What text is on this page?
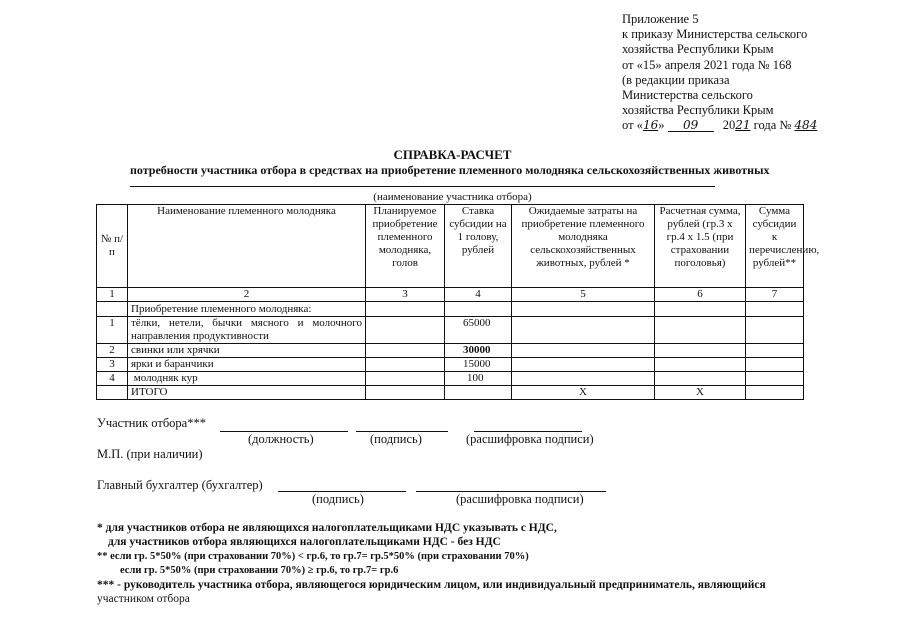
Приложение 5
к приказу Министерства сельского
хозяйства Республики Крым
от «15» апреля 2021 года № 168
(в редакции приказа
Министерства сельского
хозяйства Республики Крым
от «16» 09 2021 года № 484
СПРАВКА-РАСЧЕТ
потребности участника отбора в средствах на приобретение племенного молодняка сельскохозяйственных животных
(наименование участника отбора)
№ п/п	Наименование племенного молодняка	Планируемое приобретение племенного молодняка, голов	Ставка субсидии на 1 голову, рублей	Ожидаемые затраты на приобретение племенного молодняка сельскохозяйственных животных, рублей *	Расчетная сумма, рублей (гр.3 х гр.4 х 1.5 (при страховании поголовья)	Сумма субсидии к перечислению, рублей**
1	2	3	4	5	6	7
	Приобретение племенного молодняка:					
1	тёлки, нетели, бычки мясного и молочного направления продуктивности		65000			
2	свинки или хрячки		30000			
3	ярки и баранчики		15000			
4	молодняк кур		100			
	ИТОГО			Х	Х	
Участник отбора***
(должность)	(подпись)	(расшифровка подписи)
М.П. (при наличии)
Главный бухгалтер (бухгалтер)
(подпись)	(расшифровка подписи)
* для участников отбора не являющихся налогоплательщиками НДС указывать с НДС,
для участников отбора являющихся налогоплательщиками НДС - без НДС
** если гр. 5*50% (при страховании 70%) < гр.6, то гр.7= гр.5*50% (при страховании 70%)
если гр. 5*50% (при страховании 70%) ≥ гр.6, то гр.7= гр.6
*** - руководитель участника отбора, являющегося юридическим лицом, или индивидуальный предприниматель, являющийся
участником отбора
